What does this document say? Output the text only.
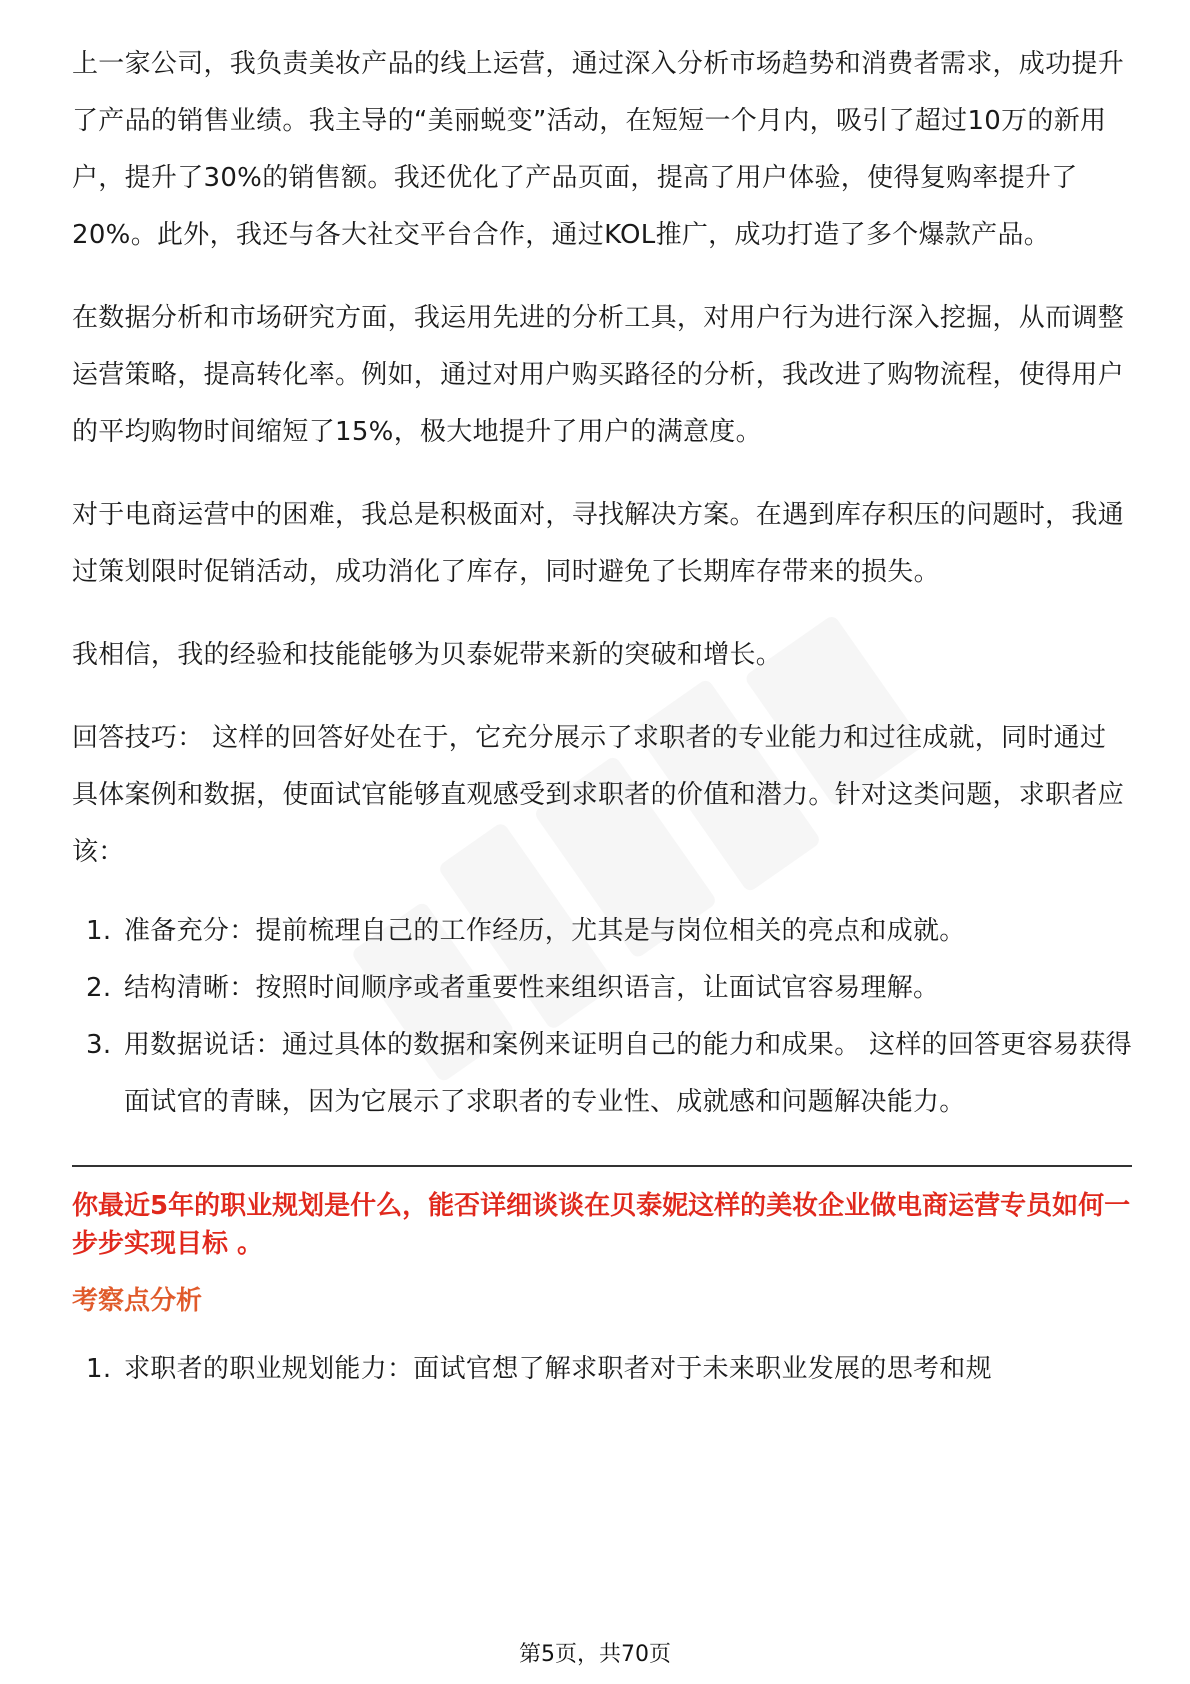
上一家公司，我负责美妆产品的线上运营，通过深入分析市场趋势和消费者需求，成功提升了产品的销售业绩。我主导的“美丽蜕变”活动，在短短一个月内，吸引了超过10万的新用户，提升了30%的销售额。我还优化了产品页面，提高了用户体验，使得复购率提升了20%。此外，我还与各大社交平台合作，通过KOL推广，成功打造了多个爆款产品。

在数据分析和市场研究方面，我运用先进的分析工具，对用户行为进行深入挖掘，从而调整运营策略，提高转化率。例如，通过对用户购买路径的分析，我改进了购物流程，使得用户的平均购物时间缩短了15%，极大地提升了用户的满意度。

对于电商运营中的困难，我总是积极面对，寻找解决方案。在遇到库存积压的问题时，我通过策划限时促销活动，成功消化了库存，同时避免了长期库存带来的损失。

我相信，我的经验和技能能够为贝泰妮带来新的突破和增长。

回答技巧： 这样的回答好处在于，它充分展示了求职者的专业能力和过往成就，同时通过具体案例和数据，使面试官能够直观感受到求职者的价值和潜力。针对这类问题，求职者应该：

1. 准备充分：提前梳理自己的工作经历，尤其是与岗位相关的亮点和成就。
2. 结构清晰：按照时间顺序或者重要性来组织语言，让面试官容易理解。
3. 用数据说话：通过具体的数据和案例来证明自己的能力和成果。 这样的回答更容易获得面试官的青睐，因为它展示了求职者的专业性、成就感和问题解决能力。

你最近5年的职业规划是什么，能否详细谈谈在贝泰妮这样的美妆企业做电商运营专员如何一步步实现目标 。

考察点分析

1. 求职者的职业规划能力：面试官想了解求职者对于未来职业发展的思考和规
第5页，共70页
